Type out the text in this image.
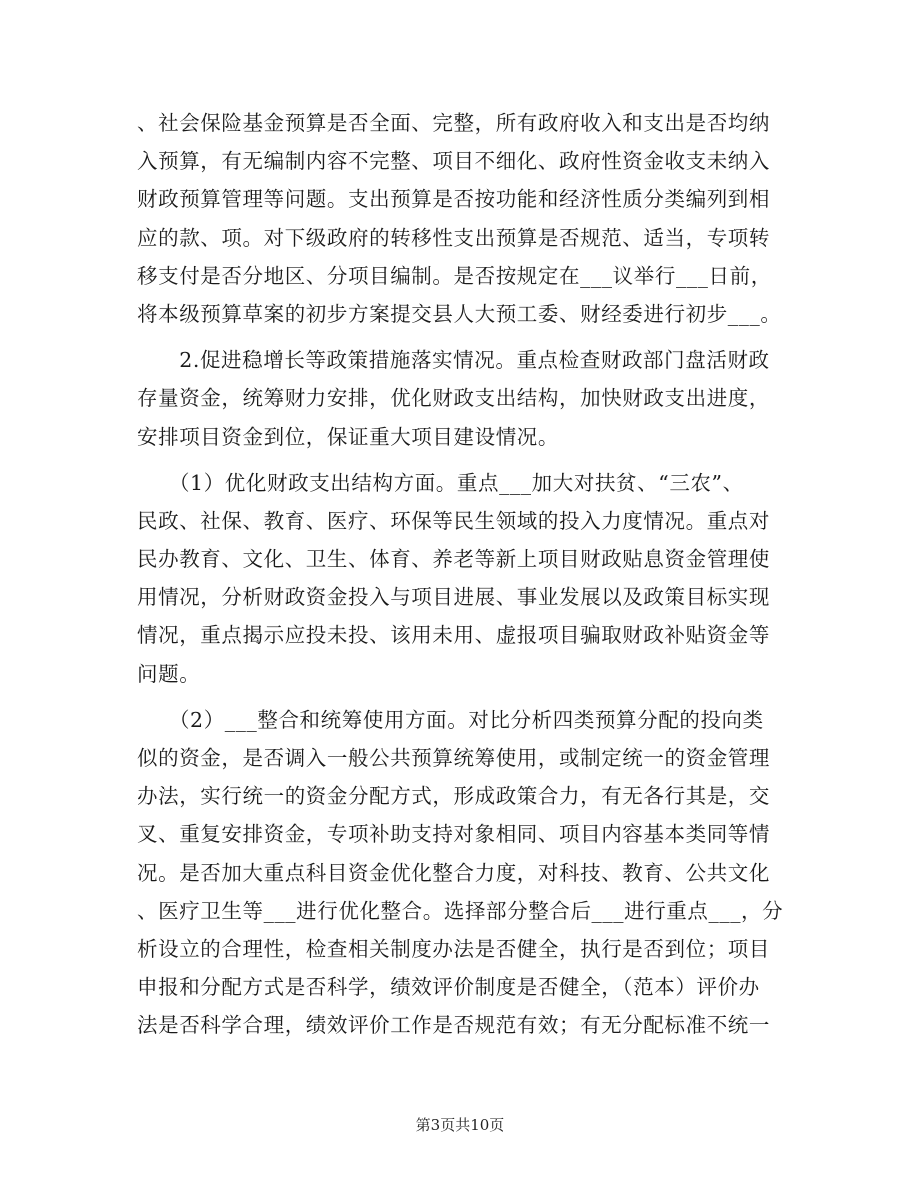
、社会保险基金预算是否全面、完整，所有政府收入和支出是否均纳
入预算，有无编制内容不完整、项目不细化、政府性资金收支未纳入
财政预算管理等问题。支出预算是否按功能和经济性质分类编列到相
应的款、项。对下级政府的转移性支出预算是否规范、适当，专项转
移支付是否分地区、分项目编制。是否按规定在___议举行___日前，
将本级预算草案的初步方案提交县人大预工委、财经委进行初步___。
　　2.促进稳增长等政策措施落实情况。重点检查财政部门盘活财政
存量资金，统筹财力安排，优化财政支出结构，加快财政支出进度，
安排项目资金到位，保证重大项目建设情况。
　　（1）优化财政支出结构方面。重点___加大对扶贫、“三农”、
民政、社保、教育、医疗、环保等民生领域的投入力度情况。重点对
民办教育、文化、卫生、体育、养老等新上项目财政贴息资金管理使
用情况，分析财政资金投入与项目进展、事业发展以及政策目标实现
情况，重点揭示应投未投、该用未用、虚报项目骗取财政补贴资金等
问题。
　　（2）___整合和统筹使用方面。对比分析四类预算分配的投向类
似的资金，是否调入一般公共预算统筹使用，或制定统一的资金管理
办法，实行统一的资金分配方式，形成政策合力，有无各行其是，交
叉、重复安排资金，专项补助支持对象相同、项目内容基本类同等情
况。是否加大重点科目资金优化整合力度，对科技、教育、公共文化
、医疗卫生等___进行优化整合。选择部分整合后___进行重点___，分
析设立的合理性，检查相关制度办法是否健全，执行是否到位；项目
申报和分配方式是否科学，绩效评价制度是否健全，（范本）评价办
法是否科学合理，绩效评价工作是否规范有效；有无分配标准不统一
第3页共10页
